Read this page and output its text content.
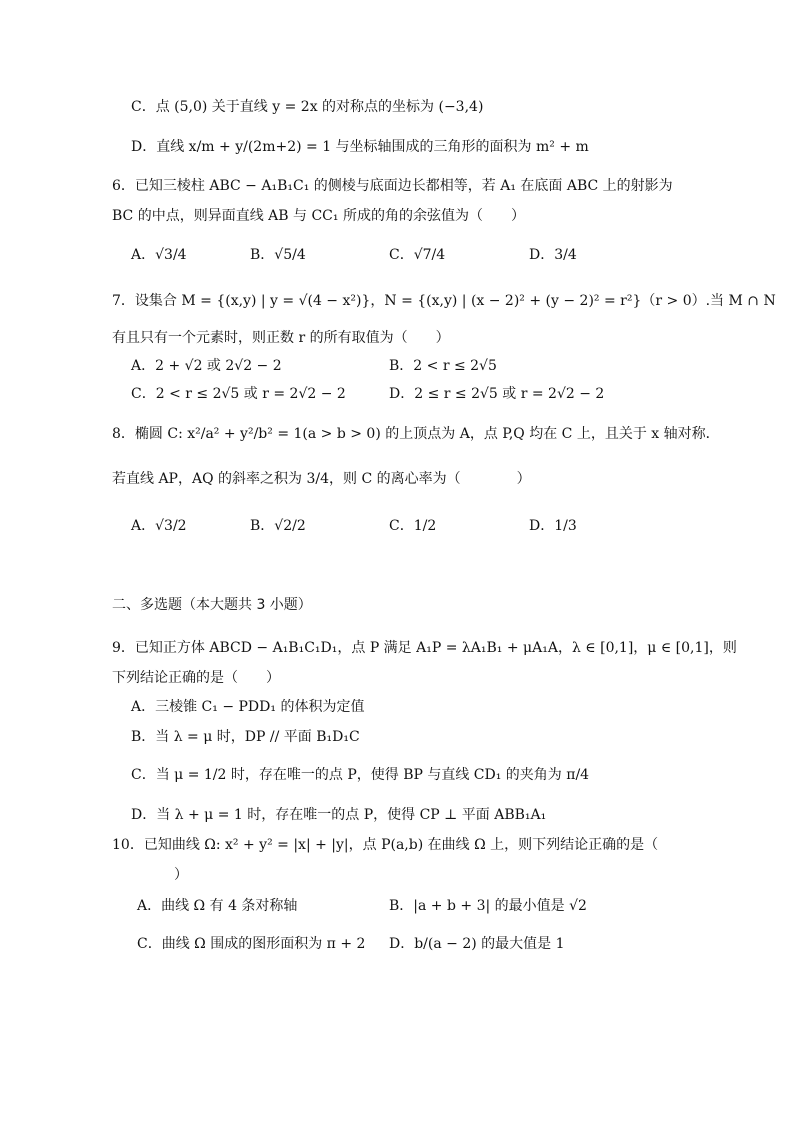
C．点 (5,0) 关于直线 y = 2x 的对称点的坐标为 (−3,4)
D．直线 x/m + y/(2m+2) = 1 与坐标轴围成的三角形的面积为 m² + m
6．已知三棱柱 ABC − A₁B₁C₁ 的侧棱与底面边长都相等，若 A₁ 在底面 ABC 上的射影为
BC 的中点，则异面直线 AB 与 CC₁ 所成的角的余弦值为（　　）
A．√3/4	B．√5/4	C．√7/4	D．3/4
7．设集合 M = {(x,y) | y = √(4 − x²)}，N = {(x,y) | (x − 2)² + (y − 2)² = r²}（r > 0）.当 M ∩ N
有且只有一个元素时，则正数 r 的所有取值为（　　）
A．2 + √2 或 2√2 − 2	B．2 < r ≤ 2√5
C．2 < r ≤ 2√5 或 r = 2√2 − 2	D．2 ≤ r ≤ 2√5 或 r = 2√2 − 2
8．椭圆 C: x²/a² + y²/b² = 1(a > b > 0) 的上顶点为 A，点 P,Q 均在 C 上，且关于 x 轴对称．
若直线 AP，AQ 的斜率之积为 3/4，则 C 的离心率为（　　　　）
A．√3/2	B．√2/2	C．1/2	D．1/3
二、多选题（本大题共 3 小题）
9．已知正方体 ABCD − A₁B₁C₁D₁，点 P 满足 A₁P = λA₁B₁ + μA₁A，λ ∈ [0,1]，μ ∈ [0,1]，则
下列结论正确的是（　　）
A．三棱锥 C₁ − PDD₁ 的体积为定值
B．当 λ = μ 时，DP // 平面 B₁D₁C
C．当 μ = 1/2 时，存在唯一的点 P，使得 BP 与直线 CD₁ 的夹角为 π/4
D．当 λ + μ = 1 时，存在唯一的点 P，使得 CP ⊥ 平面 ABB₁A₁
10．已知曲线 Ω: x² + y² = |x| + |y|，点 P(a,b) 在曲线 Ω 上，则下列结论正确的是（
）
A．曲线 Ω 有 4 条对称轴	B．|a + b + 3| 的最小值是 √2
C．曲线 Ω 围成的图形面积为 π + 2 D．b/(a − 2) 的最大值是 1
